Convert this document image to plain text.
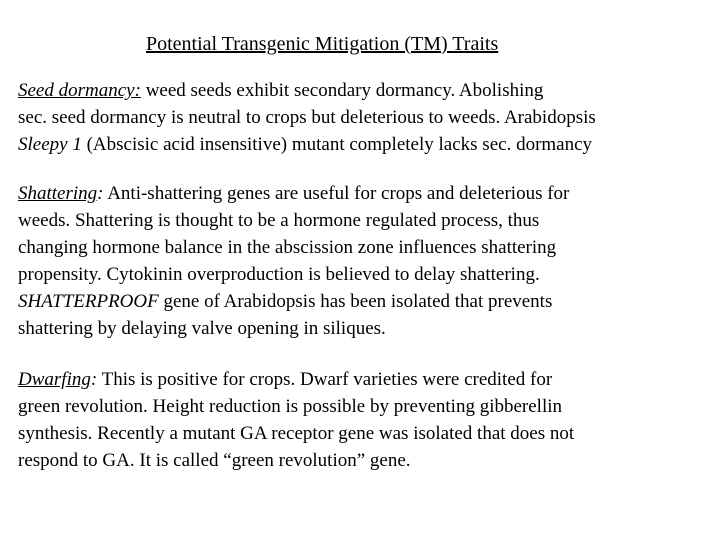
Potential Transgenic Mitigation (TM) Traits
Seed dormancy: weed seeds exhibit secondary dormancy. Abolishing
sec. seed dormancy is neutral to crops but deleterious to weeds. Arabidopsis
Sleepy 1 (Abscisic acid insensitive) mutant completely lacks sec. dormancy
Shattering: Anti-shattering genes are useful for crops and deleterious for
weeds. Shattering is thought to be a hormone regulated process, thus
changing hormone balance in the abscission zone influences shattering
propensity. Cytokinin overproduction is believed to delay shattering.
SHATTERPROOF gene of Arabidopsis has been isolated that prevents
shattering by delaying valve opening in siliques.
Dwarfing: This is positive for crops. Dwarf varieties were credited for
green revolution. Height reduction is possible by preventing gibberellin
synthesis. Recently a mutant GA receptor gene was isolated that does not
respond to GA. It is called “green revolution” gene.
